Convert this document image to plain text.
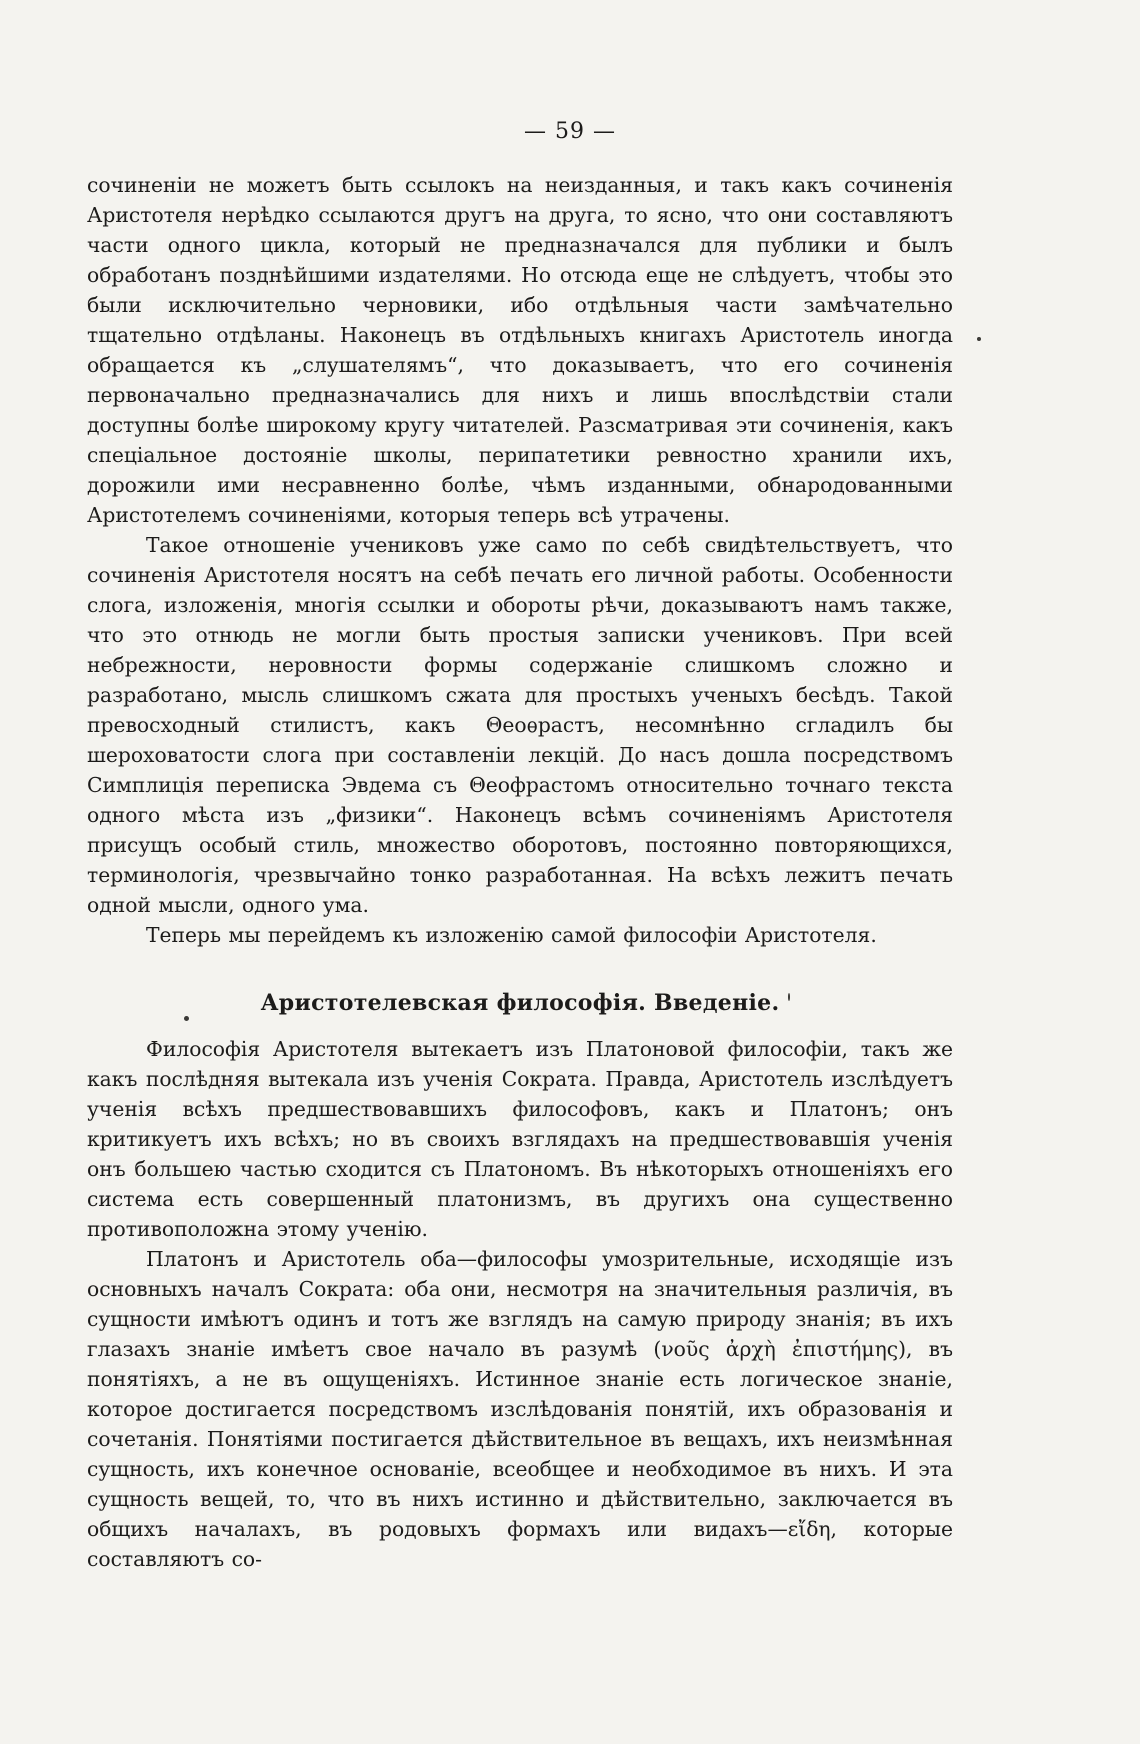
— 59 —

сочиненіи не можетъ быть ссылокъ на неизданныя, и такъ какъ сочиненія Аристотеля нерѣдко ссылаются другъ на друга, то ясно, что они составляютъ части одного цикла, который не предназначался для публики и былъ обработанъ позднѣйшими издателями. Но отсюда еще не слѣдуетъ, чтобы это были исключительно черновики, ибо отдѣльныя части замѣчательно тщательно отдѣланы. Наконецъ въ отдѣльныхъ книгахъ Аристотель иногда обращается къ „слушателямъ“, что доказываетъ, что его сочиненія первоначально предназначались для нихъ и лишь впослѣдствіи стали доступны болѣе широкому кругу читателей. Разсматривая эти сочиненія, какъ спеціальное достояніе школы, перипатетики ревностно хранили ихъ, дорожили ими несравненно болѣе, чѣмъ изданными, обнародованными Аристотелемъ сочиненіями, которыя теперь всѣ утрачены.

Такое отношеніе учениковъ уже само по себѣ свидѣтельствуетъ, что сочиненія Аристотеля носятъ на себѣ печать его личной работы. Особенности слога, изложенія, многія ссылки и обороты рѣчи, доказываютъ намъ также, что это отнюдь не могли быть простыя записки учениковъ. При всей небрежности, неровности формы содержаніе слишкомъ сложно и разработано, мысль слишкомъ сжата для простыхъ ученыхъ бесѣдъ. Такой превосходный стилистъ, какъ Θеоѳрастъ, несомнѣнно сгладилъ бы шероховатости слога при составленіи лекцій. До насъ дошла посредствомъ Симплиція переписка Эвдема съ Θеофрастомъ относительно точнаго текста одного мѣста изъ „физики“. Наконецъ всѣмъ сочиненіямъ Аристотеля присущъ особый стиль, множество оборотовъ, постоянно повторяющихся, терминологія, чрезвычайно тонко разработанная. На всѣхъ лежитъ печать одной мысли, одного ума.

Теперь мы перейдемъ къ изложенію самой философіи Аристотеля.

Аристотелевская философія. Введеніе.

Философія Аристотеля вытекаетъ изъ Платоновой философіи, такъ же какъ послѣдняя вытекала изъ ученія Сократа. Правда, Аристотель изслѣдуетъ ученія всѣхъ предшествовавшихъ философовъ, какъ и Платонъ; онъ критикуетъ ихъ всѣхъ; но въ своихъ взглядахъ на предшествовавшія ученія онъ большею частью сходится съ Платономъ. Въ нѣкоторыхъ отношеніяхъ его система есть совершенный платонизмъ, въ другихъ она существенно противоположна этому ученію.

Платонъ и Аристотель оба—философы умозрительные, исходящіе изъ основныхъ началъ Сократа: оба они, несмотря на значительныя различія, въ сущности имѣютъ одинъ и тотъ же взглядъ на самую природу знанія; въ ихъ глазахъ знаніе имѣетъ свое начало въ разумѣ (νοῦς ἀρχὴ ἐπιστήμης), въ понятіяхъ, а не въ ощущеніяхъ. Истинное знаніе есть логическое знаніе, которое достигается посредствомъ изслѣдованія понятій, ихъ образованія и сочетанія. Понятіями постигается дѣйствительное въ вещахъ, ихъ неизмѣнная сущность, ихъ конечное основаніе, всеобщее и необходимое въ нихъ. И эта сущность вещей, то, что въ нихъ истинно и дѣйствительно, заключается въ общихъ началахъ, въ родовыхъ формахъ или видахъ—εἴδη, которые составляютъ со-
